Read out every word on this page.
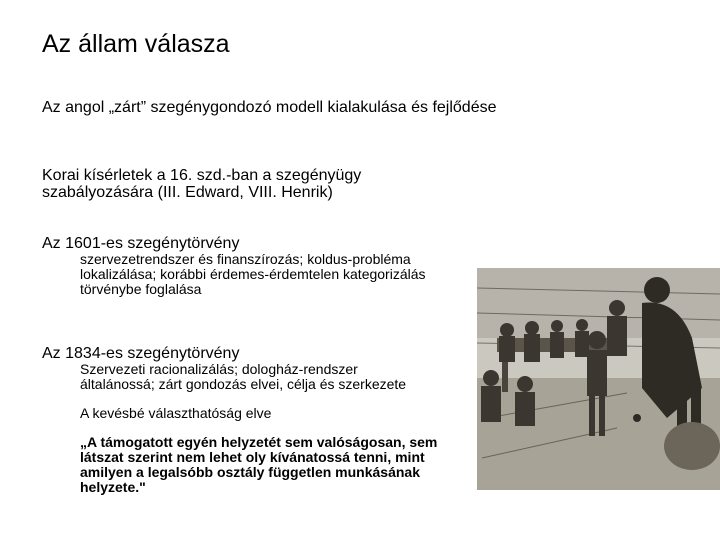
Az állam válasza
Az angol „zárt” szegénygondozó modell kialakulása és fejlődése
Korai kísérletek a 16. szd.-ban a szegényügy szabályozására (III. Edward, VIII. Henrik)
Az 1601-es szegénytörvény
szervezetrendszer és finanszírozás; koldus-probléma lokalizálása; korábbi érdemes-érdemtelen kategorizálás törvénybe foglalása
Az 1834-es szegénytörvény
Szervezeti racionalizálás; dologház-rendszer általánossá; zárt gondozás elvei, célja és szerkezete
A kevésbé választhatóság elve
„A támogatott egyén helyzetét sem valóságosan, sem látszat szerint nem lehet oly kívánatossá tenni, mint amilyen a legalsóbb osztály független munkásának helyzete."
